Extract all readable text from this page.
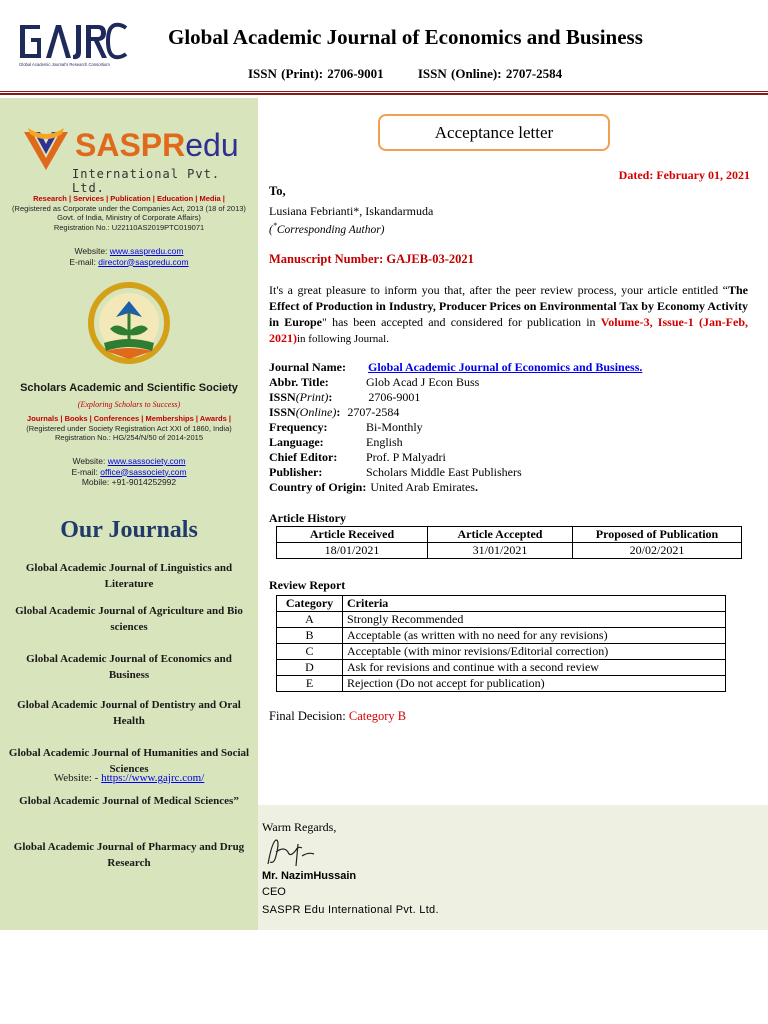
Global Academic Journal's Research Consortium
Global Academic Journal of Economics and Business
ISSN (Print): 2706-9001	ISSN (Online): 2707-2584
SASPRedu
International Pvt. Ltd.
Research | Services | Publication | Education | Media |
(Registered as Corporate under the Companies Act, 2013 (18 of 2013) Govt. of India, Ministry of Corporate Affairs)
Registration No.: U22110AS2019PTC019071
Website: www.saspredu.com
E-mail: director@saspredu.com
Scholars Academic and Scientific Society
(Exploring Scholars to Success)
Journals | Books | Conferences | Memberships | Awards |
(Registered under Society Registration Act XXI of 1860, India)
Registration No.: HG/254/N/50 of 2014-2015
Website: www.sassociety.com
E-mail: office@sassociety.com
Mobile: +91-9014252992
Our Journals
Global Academic Journal of Linguistics and Literature
Global Academic Journal of Agriculture and Bio sciences
Global Academic Journal of Economics and Business
Global Academic Journal of Dentistry and Oral Health
Global Academic Journal of Humanities and Social Sciences
Global Academic Journal of Medical Sciences”
Global Academic Journal of Pharmacy and Drug Research
Website: - https://www.gajrc.com/
Acceptance letter
Dated: February 01, 2021
To,
Lusiana Febrianti*, Iskandarmuda
(*Corresponding Author)
Manuscript Number: GAJEB-03-2021
It's a great pleasure to inform you that, after the peer review process, your article entitled “The Effect of Production in Industry, Producer Prices on Environmental Tax by Economy Activity in Europe" has been accepted and considered for publication in Volume-3, Issue-1 (Jan-Feb, 2021)in following Journal.
Journal Name:	Global Academic Journal of Economics and Business.
Abbr. Title:	Glob Acad J Econ Buss
ISSN (Print) :	2706-9001
ISSN (Online) : 2707-2584
Frequency:	Bi-Monthly
Language:	English
Chief Editor:	Prof. P Malyadri
Publisher:	Scholars Middle East Publishers
Country of Origin: United Arab Emirates .
Article History
Article Received	Article Accepted	Proposed of Publication
18/01/2021	31/01/2021	20/02/2021
Review Report
Category	Criteria
A	Strongly Recommended
B	Acceptable (as written with no need for any revisions)
C	Acceptable (with minor revisions/Editorial correction)
D	Ask for revisions and continue with a second review
E	Rejection (Do not accept for publication)
Final Decision: Category B
Warm Regards,
Mr. NazimHussain
CEO
SASPR Edu International Pvt. Ltd.
